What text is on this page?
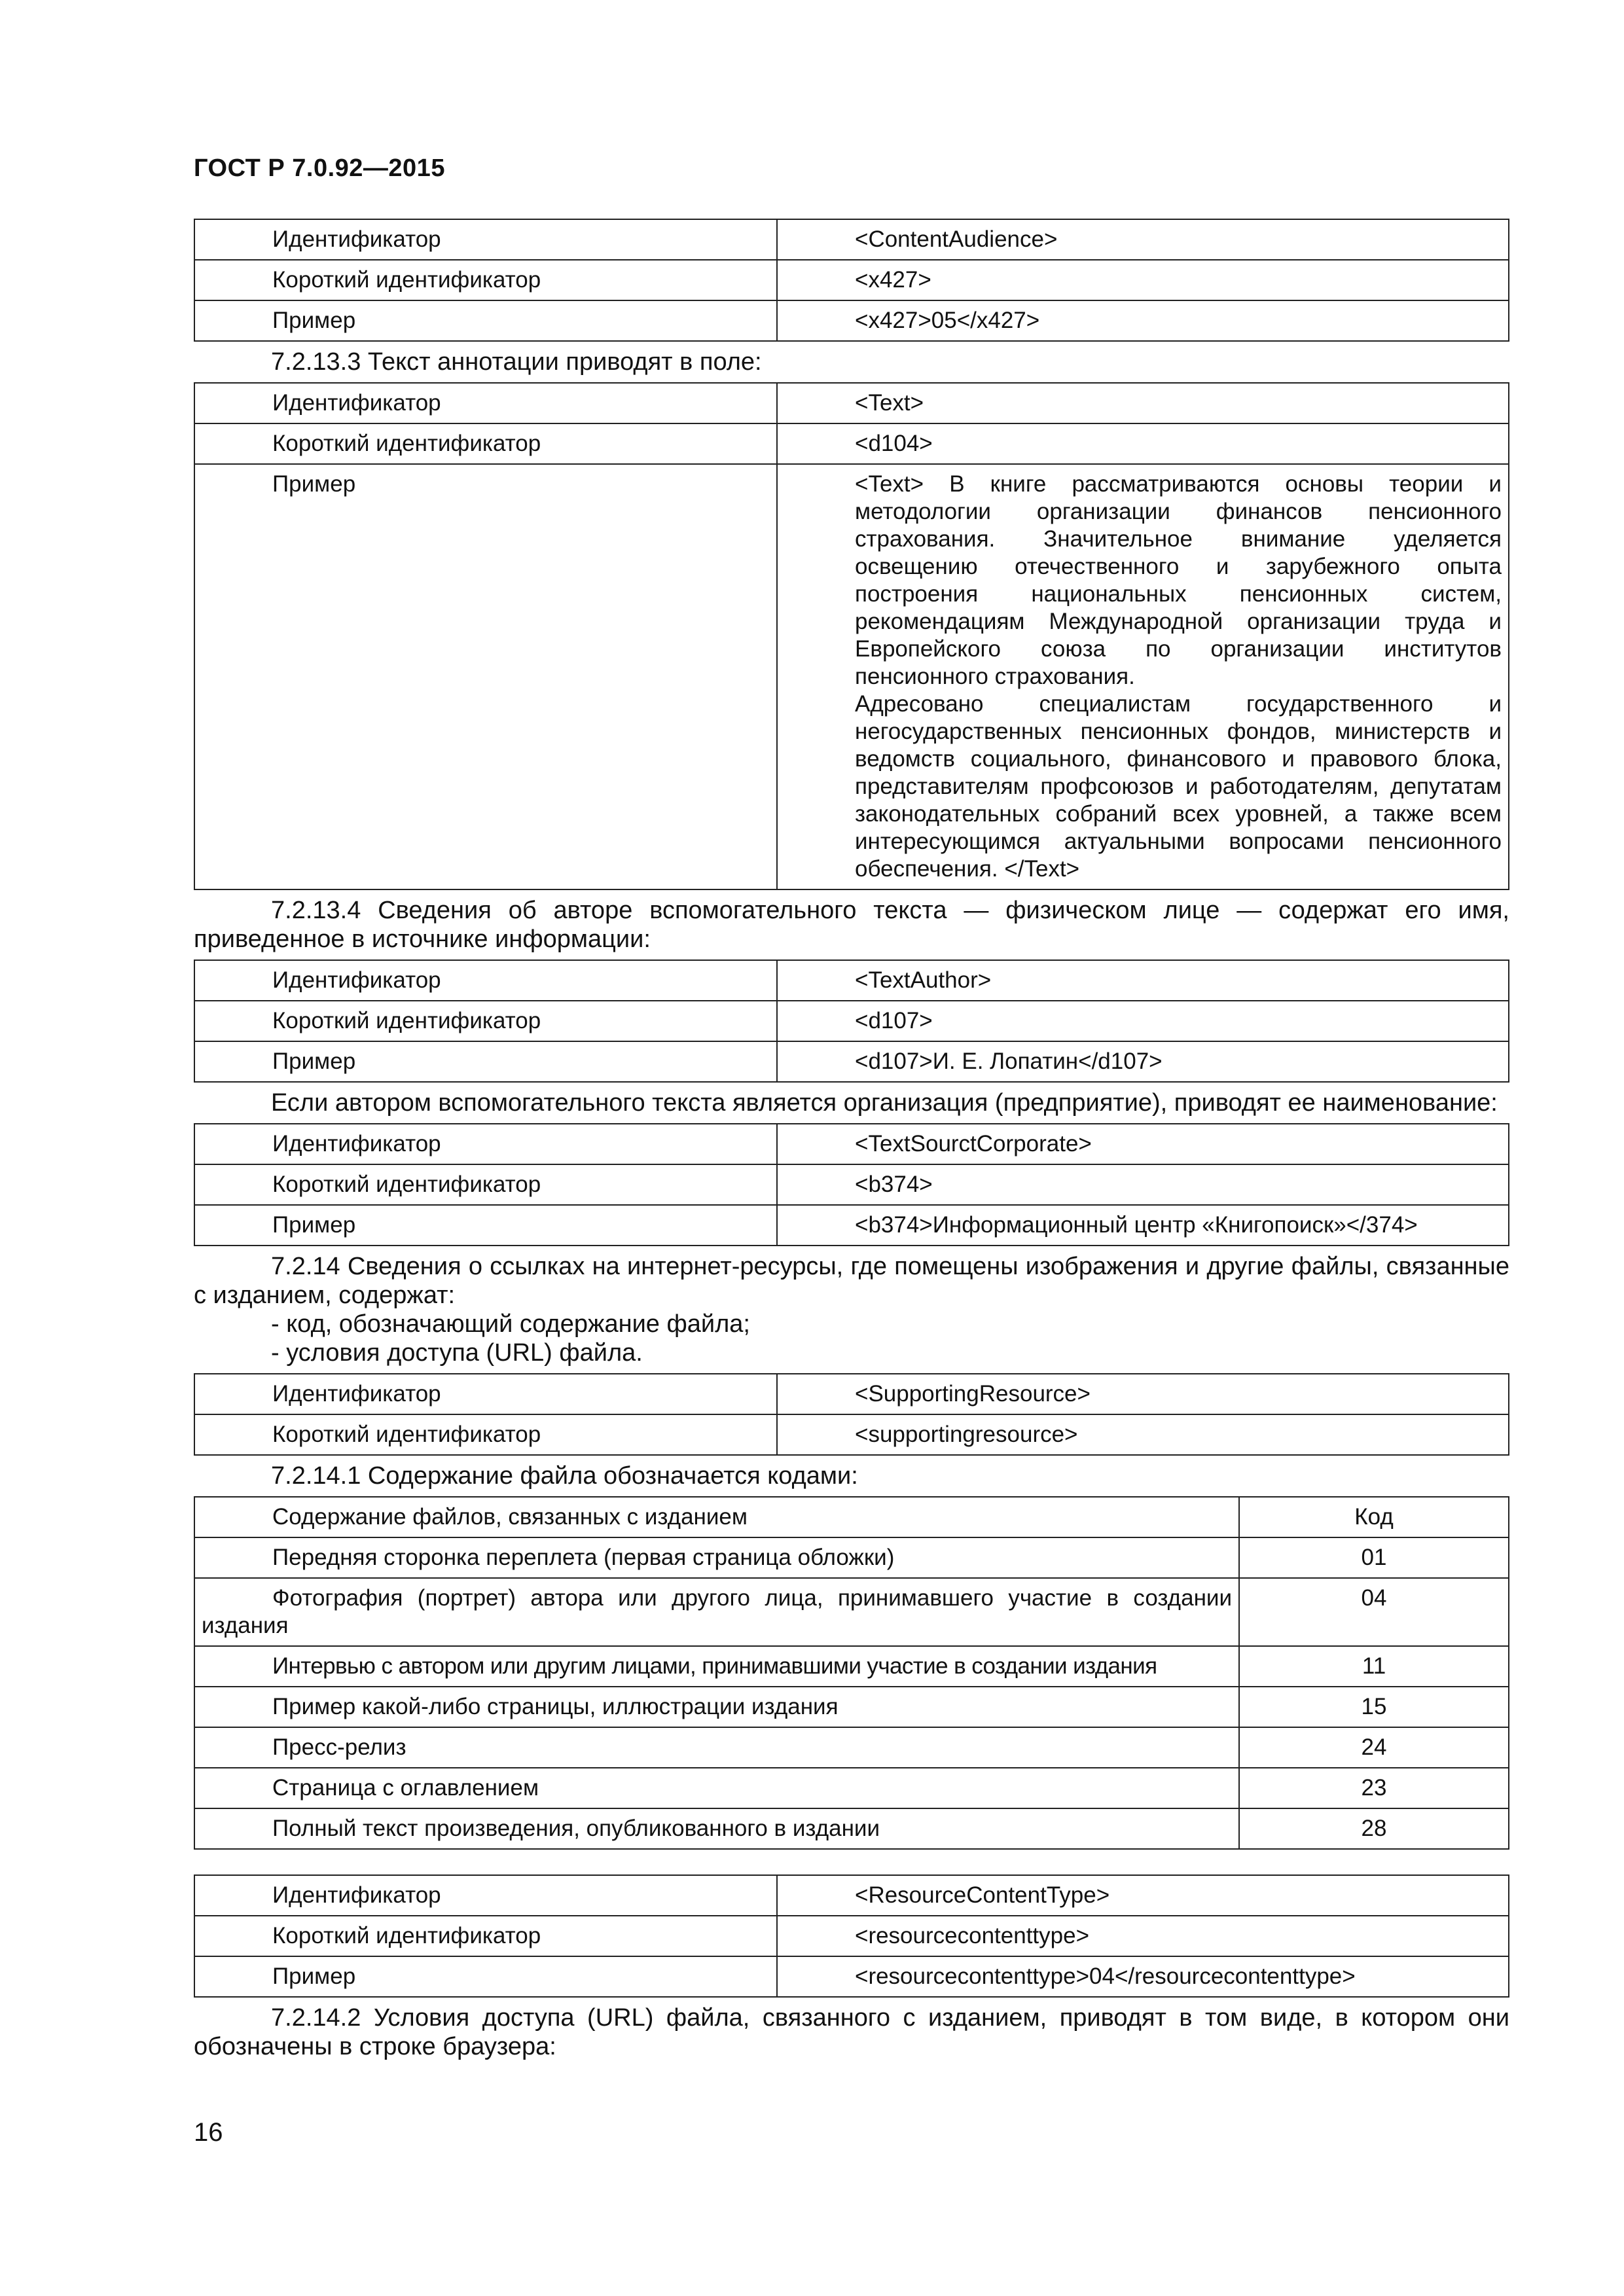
ГОСТ Р 7.0.92—2015
Идентификатор	<ContentAudience>
Короткий идентификатор	<x427>
Пример	<x427>05</x427>

7.2.13.3 Текст аннотации приводят в поле:

Идентификатор	<Text>
Короткий идентификатор	<d104>
Пример	<Text> В книге рассматриваются основы теории и методологии организации финансов пенсионного страхования. Значительное внимание уделяется освещению отечественного и зарубежного опыта построения национальных пенсионных систем, рекомендациям Международной организации труда и Европейского союза по организации институтов пенсионного страхования.

Адресовано специалистам государственного и негосударственных пенсионных фондов, министерств и ведомств социального, финансового и правового блока, представителям профсоюзов и работодателям, депутатам законодательных собраний всех уровней, а также всем интересующимся актуальными вопросами пенсионного обеспечения. </Text>

7.2.13.4 Сведения об авторе вспомогательного текста — физическом лице — содержат его имя, приведенное в источнике информации:

Идентификатор	<TextAuthor>
Короткий идентификатор	<d107>
Пример	<d107>И. Е. Лопатин</d107>

Если автором вспомогательного текста является организация (предприятие), приводят ее наименование:

Идентификатор	<TextSourctCorporate>
Короткий идентификатор	<b374>
Пример	<b374>Информационный центр «Книгопоиск»</374>

7.2.14 Сведения о ссылках на интернет-ресурсы, где помещены изображения и другие файлы, связанные с изданием, содержат:

- код, обозначающий содержание файла;

- условия доступа (URL) файла.

Идентификатор	<SupportingResource>
Короткий идентификатор	<supportingresource>

7.2.14.1 Содержание файла обозначается кодами:

Содержание файлов, связанных с изданием	Код
Передняя сторонка переплета (первая страница обложки)	01
Фотография (портрет) автора или другого лица, принимавшего участие в создании издания	04
Интервью с автором или другим лицами, принимавшими участие в создании издания	11
Пример какой-либо страницы, иллюстрации издания	15
Пресс-релиз	24
Страница с оглавлением	23
Полный текст произведения, опубликованного в издании	28
Идентификатор	<ResourceContentType>
Короткий идентификатор	<resourcecontenttype>
Пример	<resourcecontenttype>04</resourcecontenttype>

7.2.14.2 Условия доступа (URL) файла, связанного с изданием, приводят в том виде, в котором они обозначены в строке браузера:

16
